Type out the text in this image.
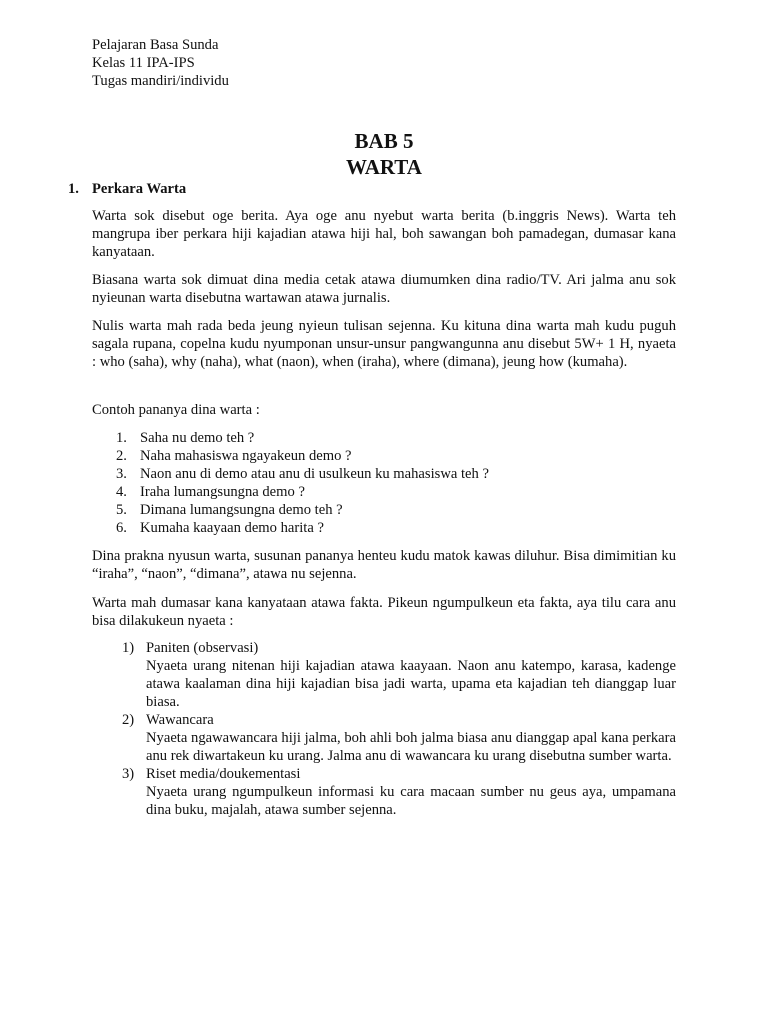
Pelajaran Basa Sunda
Kelas 11 IPA-IPS
Tugas mandiri/individu
BAB 5
WARTA
1. Perkara Warta

Warta sok disebut oge berita. Aya oge anu nyebut warta berita (b.inggris News). Warta teh mangrupa iber perkara hiji kajadian atawa hiji hal, boh sawangan boh pamadegan, dumasar kana kanyataan.

Biasana warta sok dimuat dina media cetak atawa diumumken dina radio/TV. Ari jalma anu sok nyieunan warta disebutna wartawan atawa jurnalis.

Nulis warta mah rada beda jeung nyieun tulisan sejenna. Ku kituna dina warta mah kudu puguh sagala rupana, copelna kudu nyumponan unsur-unsur pangwangunna anu disebut 5W+ 1 H, nyaeta : who (saha), why (naha), what (naon), when (iraha), where (dimana), jeung how (kumaha).

Contoh pananya dina warta :

1. Saha nu demo teh ?
2. Naha mahasiswa ngayakeun demo ?
3. Naon anu di demo atau anu di usulkeun ku mahasiswa teh ?
4. Iraha lumangsungna demo ?
5. Dimana lumangsungna demo teh ?
6. Kumaha kaayaan demo harita ?

Dina prakna nyusun warta, susunan pananya henteu kudu matok kawas diluhur. Bisa dimimitian ku “iraha”, “naon”, “dimana”, atawa nu sejenna.

Warta mah dumasar kana kanyataan atawa fakta. Pikeun ngumpulkeun eta fakta, aya tilu cara anu bisa dilakukeun nyaeta :

1) Paniten (observasi)
Nyaeta urang nitenan hiji kajadian atawa kaayaan. Naon anu katempo, karasa, kadenge atawa kaalaman dina hiji kajadian bisa jadi warta, upama eta kajadian teh dianggap luar biasa.
2) Wawancara
Nyaeta ngawawancara hiji jalma, boh ahli boh jalma biasa anu dianggap apal kana perkara anu rek diwartakeun ku urang. Jalma anu di wawancara ku urang disebutna sumber warta.
3) Riset media/doukementasi
Nyaeta urang ngumpulkeun informasi ku cara macaan sumber nu geus aya, umpamana dina buku, majalah, atawa sumber sejenna.
